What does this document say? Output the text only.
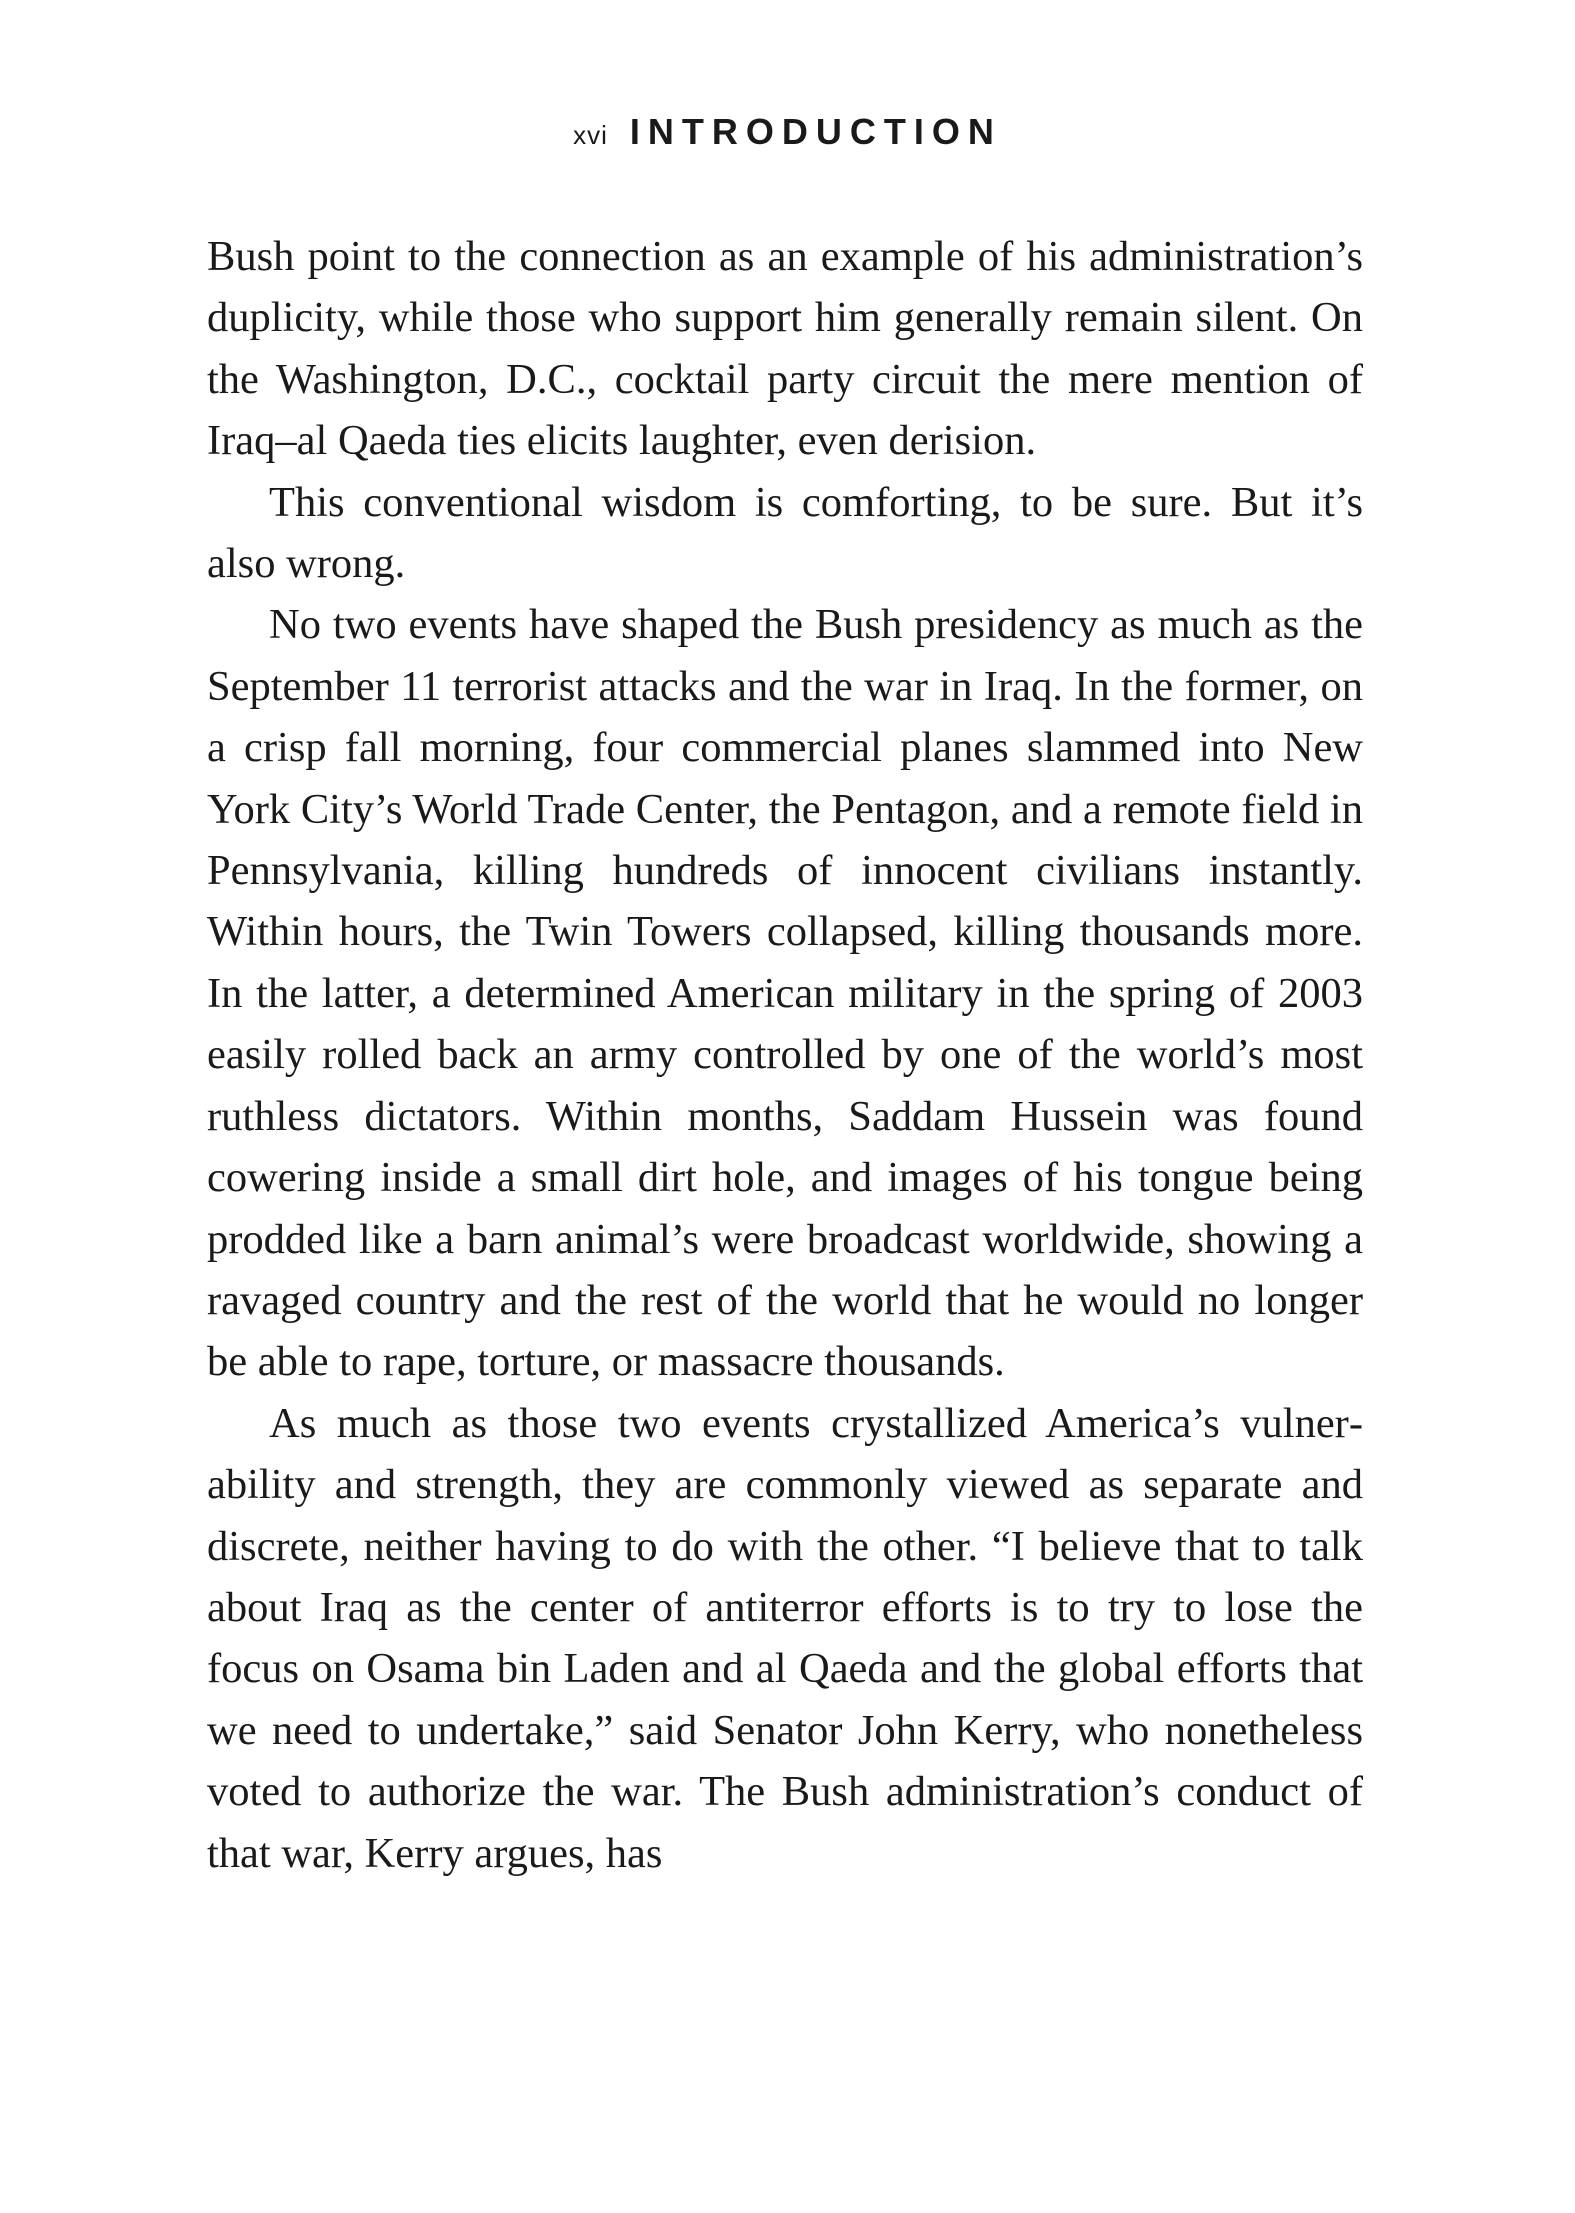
xvi INTRODUCTION

Bush point to the connection as an example of his administration’s duplicity, while those who support him generally remain silent. On the Washington, D.C., cocktail party circuit the mere mention of Iraq–al Qaeda ties elicits laughter, even derision.

This conventional wisdom is comforting, to be sure. But it’s also wrong.

No two events have shaped the Bush presidency as much as the September 11 terrorist attacks and the war in Iraq. In the former, on a crisp fall morning, four commercial planes slammed into New York City’s World Trade Center, the Pentagon, and a remote field in Pennsylvania, killing hundreds of innocent civilians instantly. Within hours, the Twin Towers collapsed, killing thousands more. In the latter, a determined American military in the spring of 2003 easily rolled back an army controlled by one of the world’s most ruthless dictators. Within months, Saddam Hussein was found cowering inside a small dirt hole, and images of his tongue being prodded like a barn animal’s were broadcast worldwide, showing a ravaged country and the rest of the world that he would no longer be able to rape, torture, or massacre thousands.

As much as those two events crystallized America’s vulnerability and strength, they are commonly viewed as separate and discrete, neither having to do with the other. “I believe that to talk about Iraq as the center of antiterror efforts is to try to lose the focus on Osama bin Laden and al Qaeda and the global efforts that we need to undertake,” said Senator John Kerry, who nonetheless voted to authorize the war. The Bush administration’s conduct of that war, Kerry argues, has
